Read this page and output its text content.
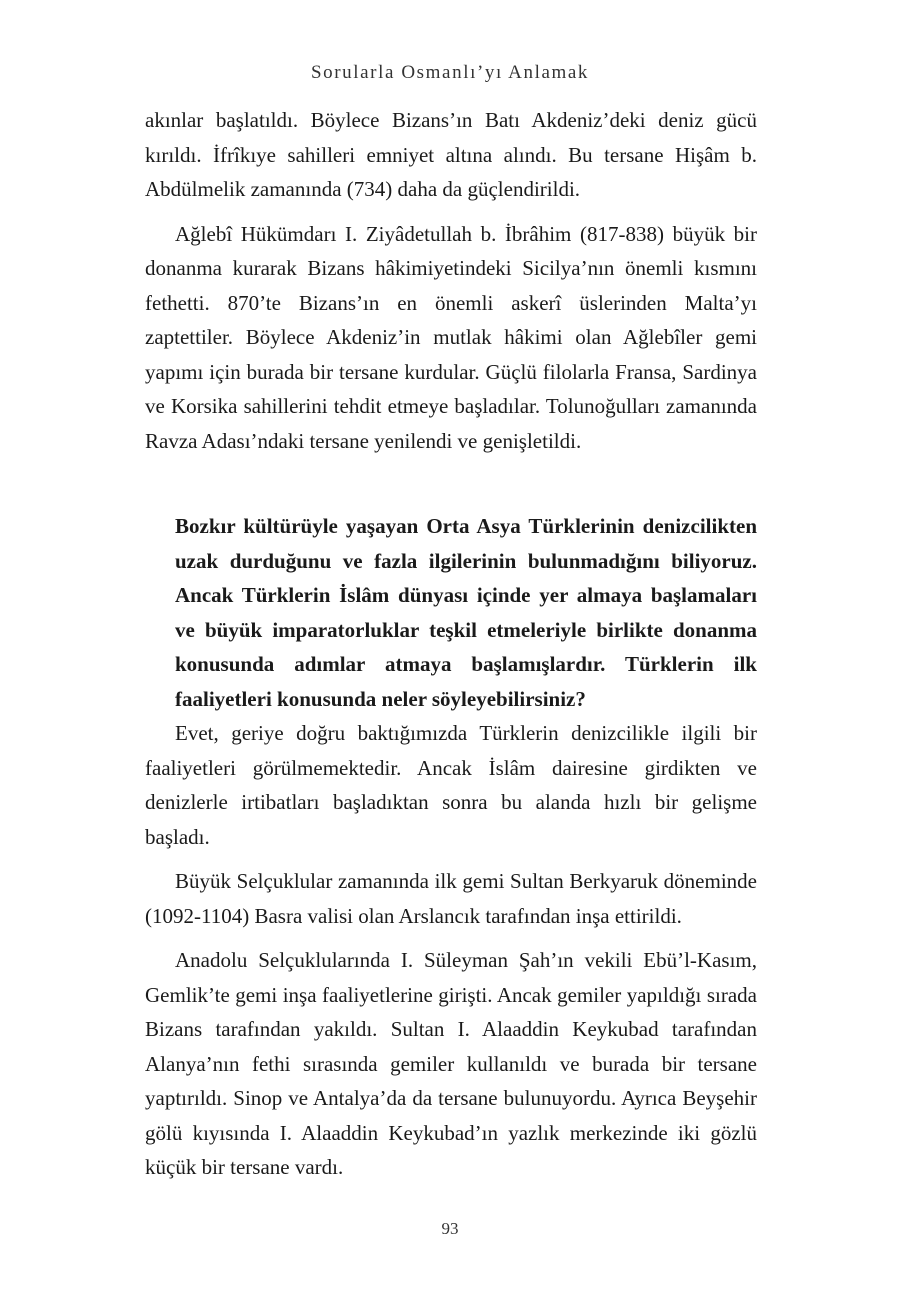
Sorularla Osmanlı’yı Anlamak

akınlar başlatıldı. Böylece Bizans’ın Batı Akdeniz’deki deniz gücü kırıldı. İfrîkıye sahilleri emniyet altına alındı. Bu tersane Hişâm b. Abdülmelik zamanında (734) daha da güçlendirildi.

Ağlebî Hükümdarı I. Ziyâdetullah b. İbrâhim (817-838) büyük bir donanma kurarak Bizans hâkimiyetindeki Sicilya’nın önemli kısmını fethetti. 870’te Bizans’ın en önemli askerî üslerinden Malta’yı zaptettiler. Böylece Akdeniz’in mutlak hâkimi olan Ağlebîler gemi yapımı için burada bir tersane kurdular. Güçlü filolarla Fransa, Sardinya ve Korsika sahillerini tehdit etmeye başladılar. Tolunoğulları zamanında Ravza Adası’ndaki tersane yenilendi ve genişletildi.

Bozkır kültürüyle yaşayan Orta Asya Türklerinin denizcilikten uzak durduğunu ve fazla ilgilerinin bulunmadığını biliyoruz. Ancak Türklerin İslâm dünyası içinde yer almaya başlamaları ve büyük imparatorluklar teşkil etmeleriyle birlikte donanma konusunda adımlar atmaya başlamışlardır. Türklerin ilk faaliyetleri konusunda neler söyleyebilirsiniz?

Evet, geriye doğru baktığımızda Türklerin denizcilikle ilgili bir faaliyetleri görülmemektedir. Ancak İslâm dairesine girdikten ve denizlerle irtibatları başladıktan sonra bu alanda hızlı bir gelişme başladı.

Büyük Selçuklular zamanında ilk gemi Sultan Berkyaruk döneminde (1092-1104) Basra valisi olan Arslancık tarafından inşa ettirildi.

Anadolu Selçuklularında I. Süleyman Şah’ın vekili Ebü’l-Kasım, Gemlik’te gemi inşa faaliyetlerine girişti. Ancak gemiler yapıldığı sırada Bizans tarafından yakıldı. Sultan I. Alaaddin Keykubad tarafından Alanya’nın fethi sırasında gemiler kullanıldı ve burada bir tersane yaptırıldı. Sinop ve Antalya’da da tersane bulunuyordu. Ayrıca Beyşehir gölü kıyısında I. Alaaddin Keykubad’ın yazlık merkezinde iki gözlü küçük bir tersane vardı.

93
